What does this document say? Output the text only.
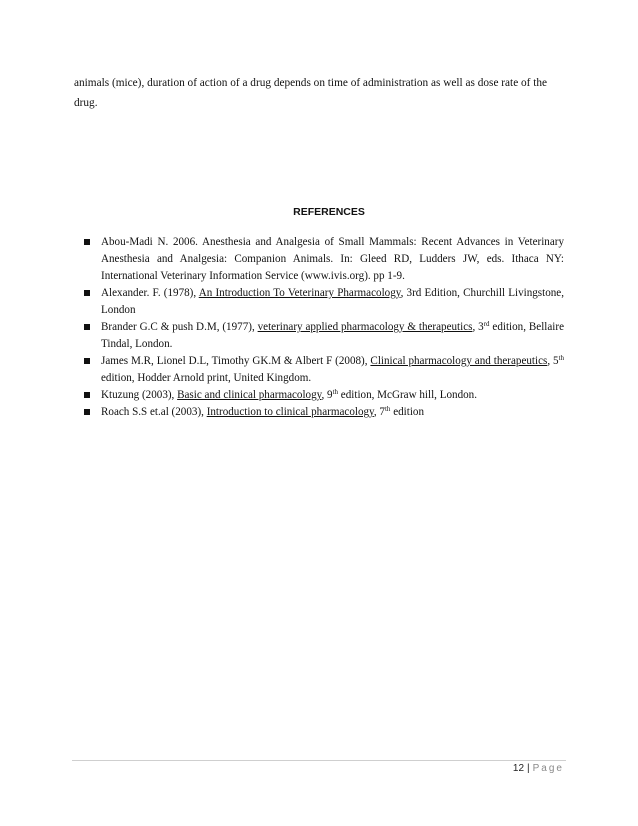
animals (mice), duration of action of a drug depends on time of administration as well as dose rate of the drug.

REFERENCES
Abou-Madi N. 2006. Anesthesia and Analgesia of Small Mammals: Recent Advances in Veterinary Anesthesia and Analgesia: Companion Animals. In: Gleed RD, Ludders JW, eds. Ithaca NY: International Veterinary Information Service (www.ivis.org). pp 1-9.
Alexander. F. (1978), An Introduction To Veterinary Pharmacology, 3rd Edition, Churchill Livingstone, London
Brander G.C & push D.M, (1977), veterinary applied pharmacology & therapeutics, 3rd edition, Bellaire Tindal, London.
James M.R, Lionel D.L, Timothy GK.M & Albert F (2008), Clinical pharmacology and therapeutics, 5th edition, Hodder Arnold print, United Kingdom.
Ktuzung (2003), Basic and clinical pharmacology, 9th edition, McGraw hill, London.
Roach S.S et.al (2003), Introduction to clinical pharmacology, 7th edition
12 | Page
